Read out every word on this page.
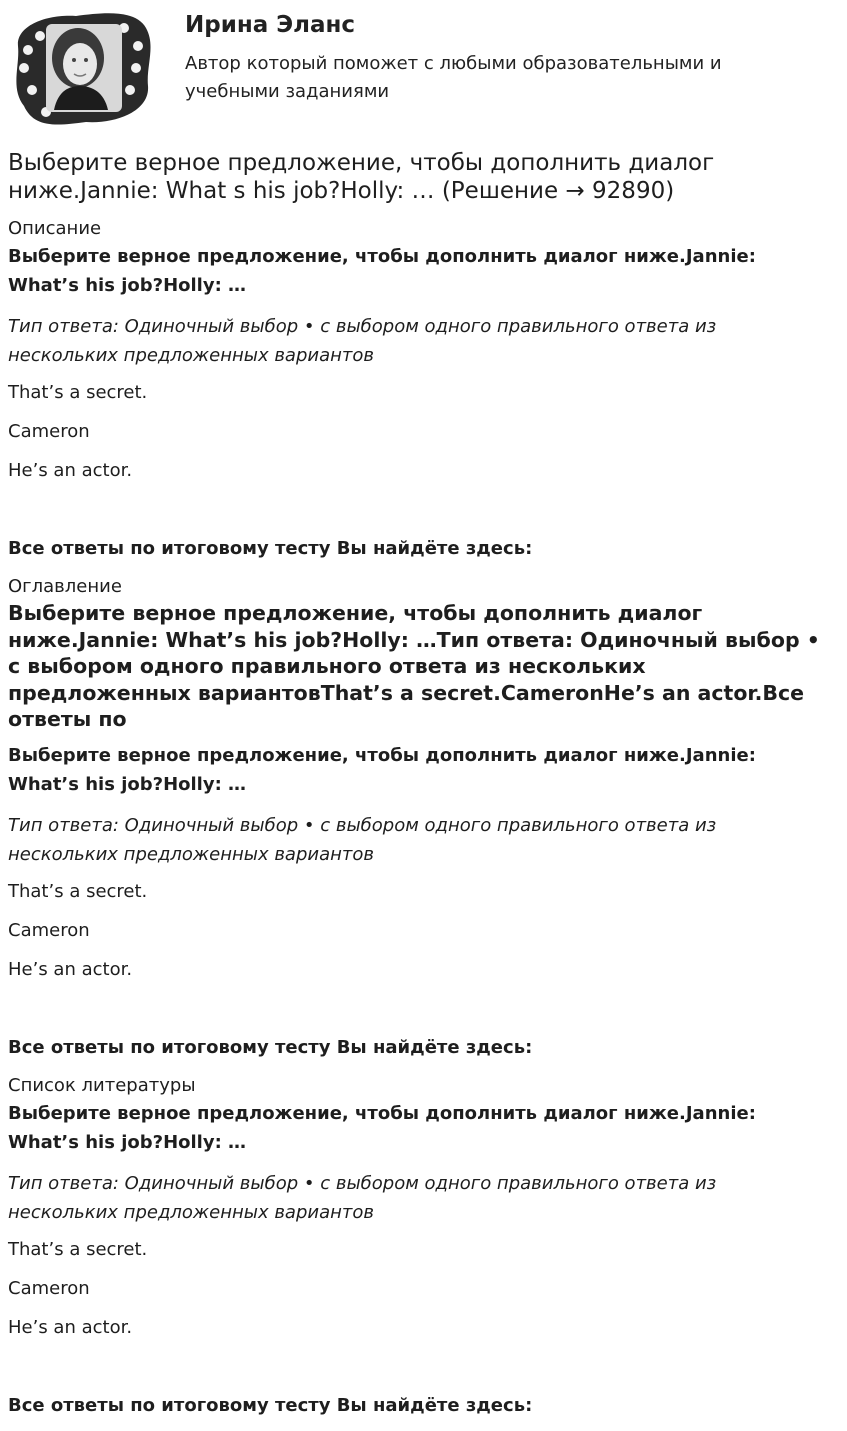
Ирина Эланс

Автор который поможет с любыми образовательными и учебными заданиями

Выберите верное предложение, чтобы дополнить диалог ниже.Jannie: What s his job?Holly: … (Решение → 92890)

Описание

Выберите верное предложение, чтобы дополнить диалог ниже.Jannie: What’s his job?Holly: …

Тип ответа: Одиночный выбор • с выбором одного правильного ответа из нескольких предложенных вариантов

That’s a secret.

Cameron

He’s an actor.

Все ответы по итоговому тесту Вы найдёте здесь:

Оглавление

Выберите верное предложение, чтобы дополнить диалог ниже.Jannie: What’s his job?Holly: …Тип ответа: Одиночный выбор • с выбором одного правильного ответа из нескольких предложенных вариантовThat’s a secret.CameronHe’s an actor.Все ответы по

Выберите верное предложение, чтобы дополнить диалог ниже.Jannie: What’s his job?Holly: …

Тип ответа: Одиночный выбор • с выбором одного правильного ответа из нескольких предложенных вариантов

That’s a secret.

Cameron

He’s an actor.

Все ответы по итоговому тесту Вы найдёте здесь:

Список литературы

Выберите верное предложение, чтобы дополнить диалог ниже.Jannie: What’s his job?Holly: …

Тип ответа: Одиночный выбор • с выбором одного правильного ответа из нескольких предложенных вариантов

That’s a secret.

Cameron

He’s an actor.

Все ответы по итоговому тесту Вы найдёте здесь:
